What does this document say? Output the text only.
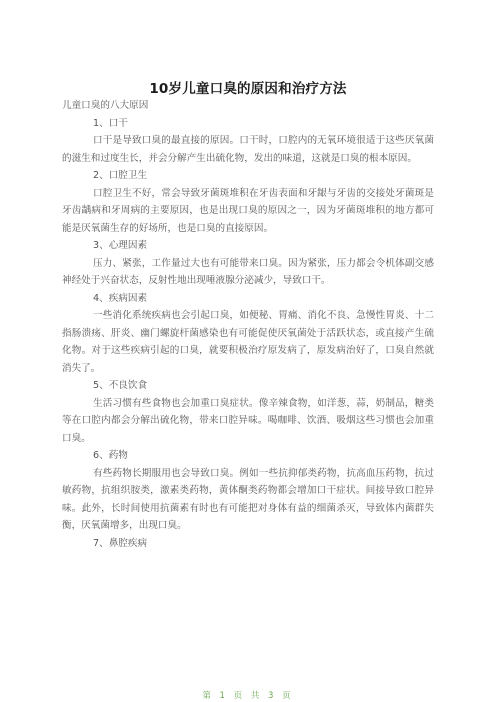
10岁儿童口臭的原因和治疗方法
儿童口臭的八大原因
1、口干
口干是导致口臭的最直接的原因。口干时，口腔内的无氧环境很适于这些厌氧菌的滋生和过度生长，并会分解产生出硫化物，发出的味道，这就是口臭的根本原因。
2、口腔卫生
口腔卫生不好，常会导致牙菌斑堆积在牙齿表面和牙龈与牙齿的交接处牙菌斑是牙齿龋病和牙周病的主要原因，也是出现口臭的原因之一，因为牙菌斑堆积的地方都可能是厌氧菌生存的好场所，也是口臭的直接原因。
3、心理因素
压力、紧张，工作量过大也有可能带来口臭。因为紧张，压力都会令机体副交感神经处于兴奋状态，反射性地出现唾液腺分泌减少，导致口干。
4、疾病因素
一些消化系统疾病也会引起口臭，如便秘、胃痛、消化不良、急慢性胃炎、十二指肠溃疡、肝炎、幽门螺旋杆菌感染也有可能促使厌氧菌处于活跃状态，或直接产生硫化物。对于这些疾病引起的口臭，就要积极治疗原发病了，原发病治好了，口臭自然就消失了。
5、不良饮食
生活习惯有些食物也会加重口臭症状。像辛辣食物，如洋葱，蒜，奶制品，糖类等在口腔内都会分解出硫化物，带来口腔异味。喝咖啡、饮酒、吸烟这些习惯也会加重口臭。
6、药物
有些药物长期服用也会导致口臭。例如一些抗抑郁类药物，抗高血压药物，抗过敏药物，抗组织胺类，激素类药物，黄体酮类药物都会增加口干症状。间接导致口腔异味。此外，长时间使用抗菌素有时也有可能把对身体有益的细菌杀灭，导致体内菌群失衡，厌氧菌增多，出现口臭。
7、鼻腔疾病
第 1 页 共 3 页
